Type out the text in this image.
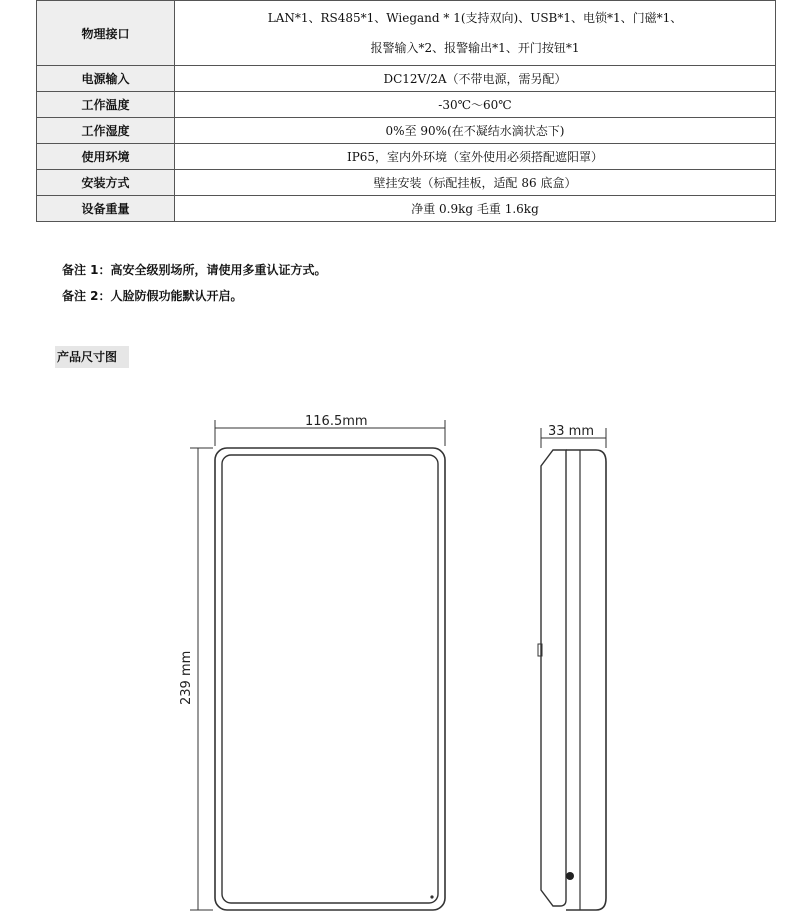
物理接口	LAN*1、RS485*1、Wiegand * 1(支持双向)、USB*1、电锁*1、门磁*1、
报警输入*2、报警输出*1、开门按钮*1

电源输入	DC12V/2A（不带电源，需另配）
工作温度	-30℃～60℃
工作湿度	0%至 90%(在不凝结水滴状态下)
使用环境	IP65，室内外环境（室外使用必须搭配遮阳罩）
安装方式	壁挂安装（标配挂板，适配 86 底盒）
设备重量	净重 0.9kg 毛重 1.6kg
备注 1：高安全级别场所，请使用多重认证方式。
备注 2：人脸防假功能默认开启。
产品尺寸图
116.5mm
239 mm
33 mm
